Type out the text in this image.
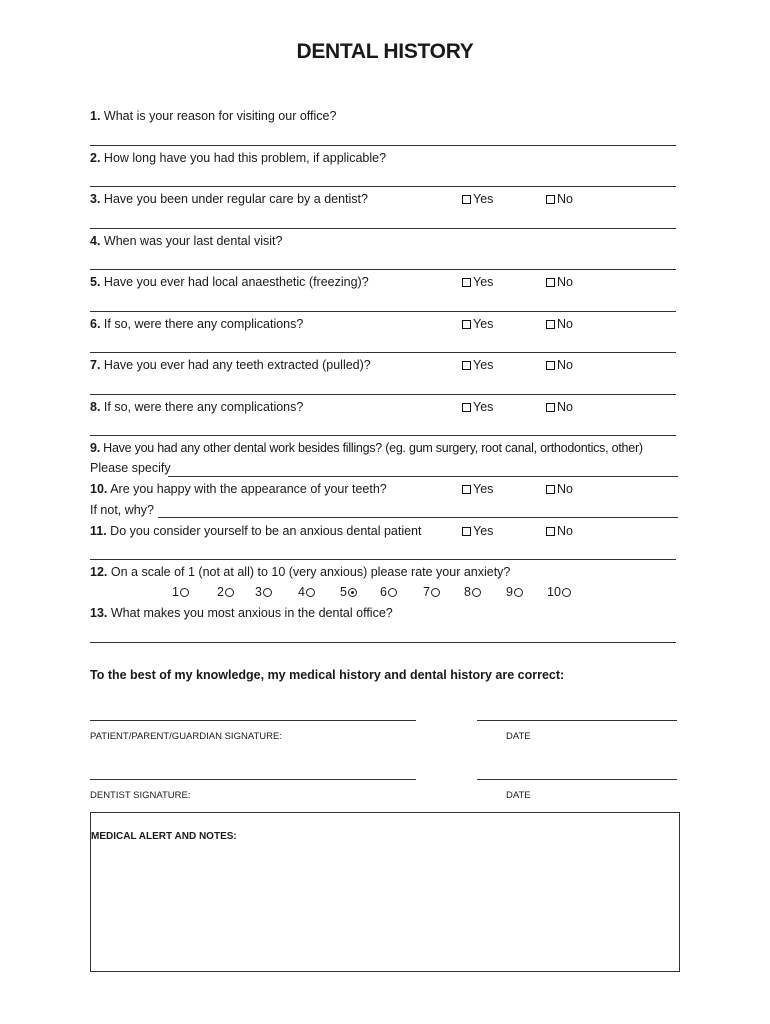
DENTAL HISTORY
1. What is your reason for visiting our office?
2. How long have you had this problem, if applicable?
3. Have you been under regular care by a dentist?	Yes	No
4. When was your last dental visit?
5. Have you ever had local anaesthetic (freezing)?	Yes	No
6. If so, were there any complications?	Yes	No
7. Have you ever had any teeth extracted (pulled)?	Yes	No
8. If so, were there any complications?	Yes	No
9. Have you had any other dental work besides fillings? (eg. gum surgery, root canal, orthodontics, other)
Please specify
10. Are you happy with the appearance of your teeth?	Yes	No
If not, why?
11. Do you consider yourself to be an anxious dental patient	Yes	No
12. On a scale of 1 (not at all) to 10 (very anxious) please rate your anxiety?
1	2	3	4	5	6	7	8	9	10
13. What makes you most anxious in the dental office?
To the best of my knowledge, my medical history and dental history are correct:
PATIENT/PARENT/GUARDIAN SIGNATURE:	DATE
DENTIST SIGNATURE:	DATE
MEDICAL ALERT AND NOTES:
